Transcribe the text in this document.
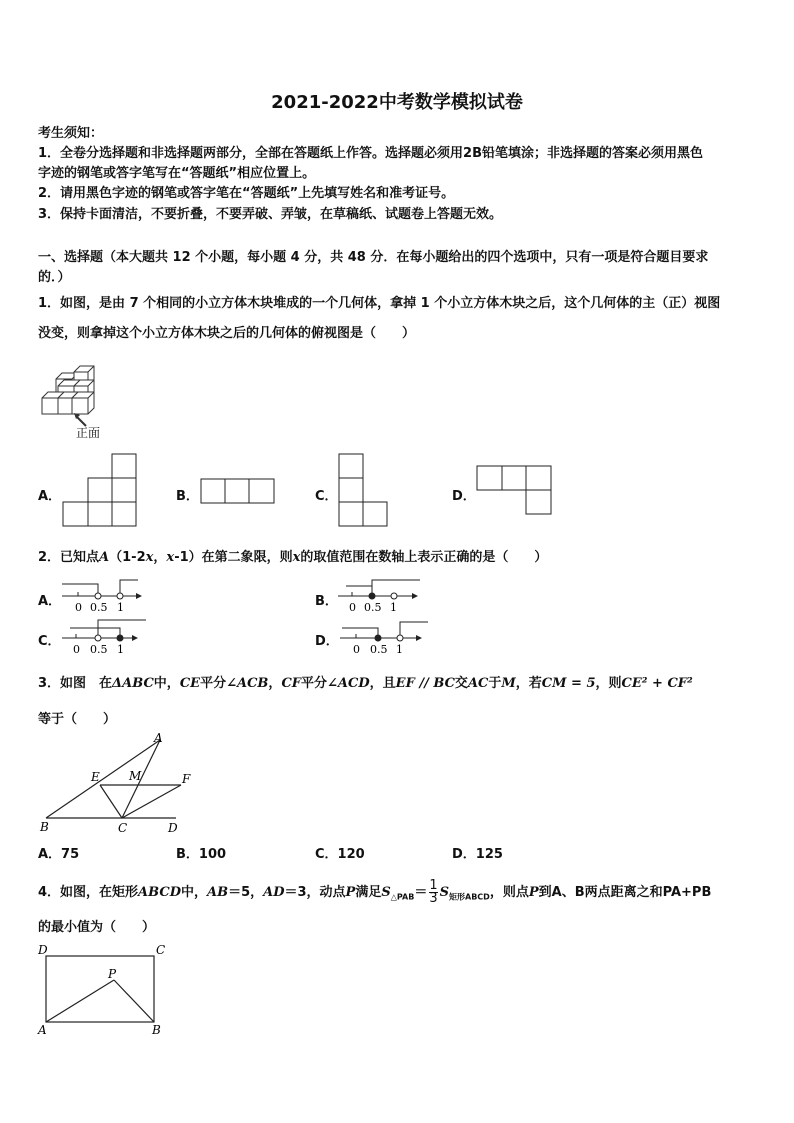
2021-2022中考数学模拟试卷
考生须知：
1．全卷分选择题和非选择题两部分，全部在答题纸上作答。选择题必须用2B铅笔填涂；非选择题的答案必须用黑色
字迹的钢笔或答字笔写在“答题纸”相应位置上。
2．请用黑色字迹的钢笔或答字笔在“答题纸”上先填写姓名和准考证号。
3．保持卡面清洁，不要折叠，不要弄破、弄皱，在草稿纸、试题卷上答题无效。
一、选择题（本大题共 12 个小题，每小题 4 分，共 48 分．在每小题给出的四个选项中，只有一项是符合题目要求
的．）
1．如图，是由 7 个相同的小立方体木块堆成的一个几何体，拿掉 1 个小立方体木块之后，这个几何体的主（正）视图
没变，则拿掉这个小立方体木块之后的几何体的俯视图是（　　）
正面
A．	B．	C．	D．
2．已知点A（1-2x，x-1）在第二象限，则x的取值范围在数轴上表示正确的是（　　）
A． 0 0.5 1	B． 0 0.5 1
C．
0 0.5 1
D．
0 0.5 1
3．如图　在ΔABC中，CE平分∠ACB，CF平分∠ACD，且EF // BC交AC于M，若CM = 5，则CE² + CF²
等于（　　）
A
E M	F
B	C	D
A．75	B．100	C．120	D．125
4．如图，在矩形ABCD中，AB＝5，AD＝3，动点P满足$S_{\triangle PAB}= \frac{1}{3} S_{矩形ABCD}$，则点P到A、B两点距离之和PA+PB
的最小值为（　　）
D	C
P
A	B
